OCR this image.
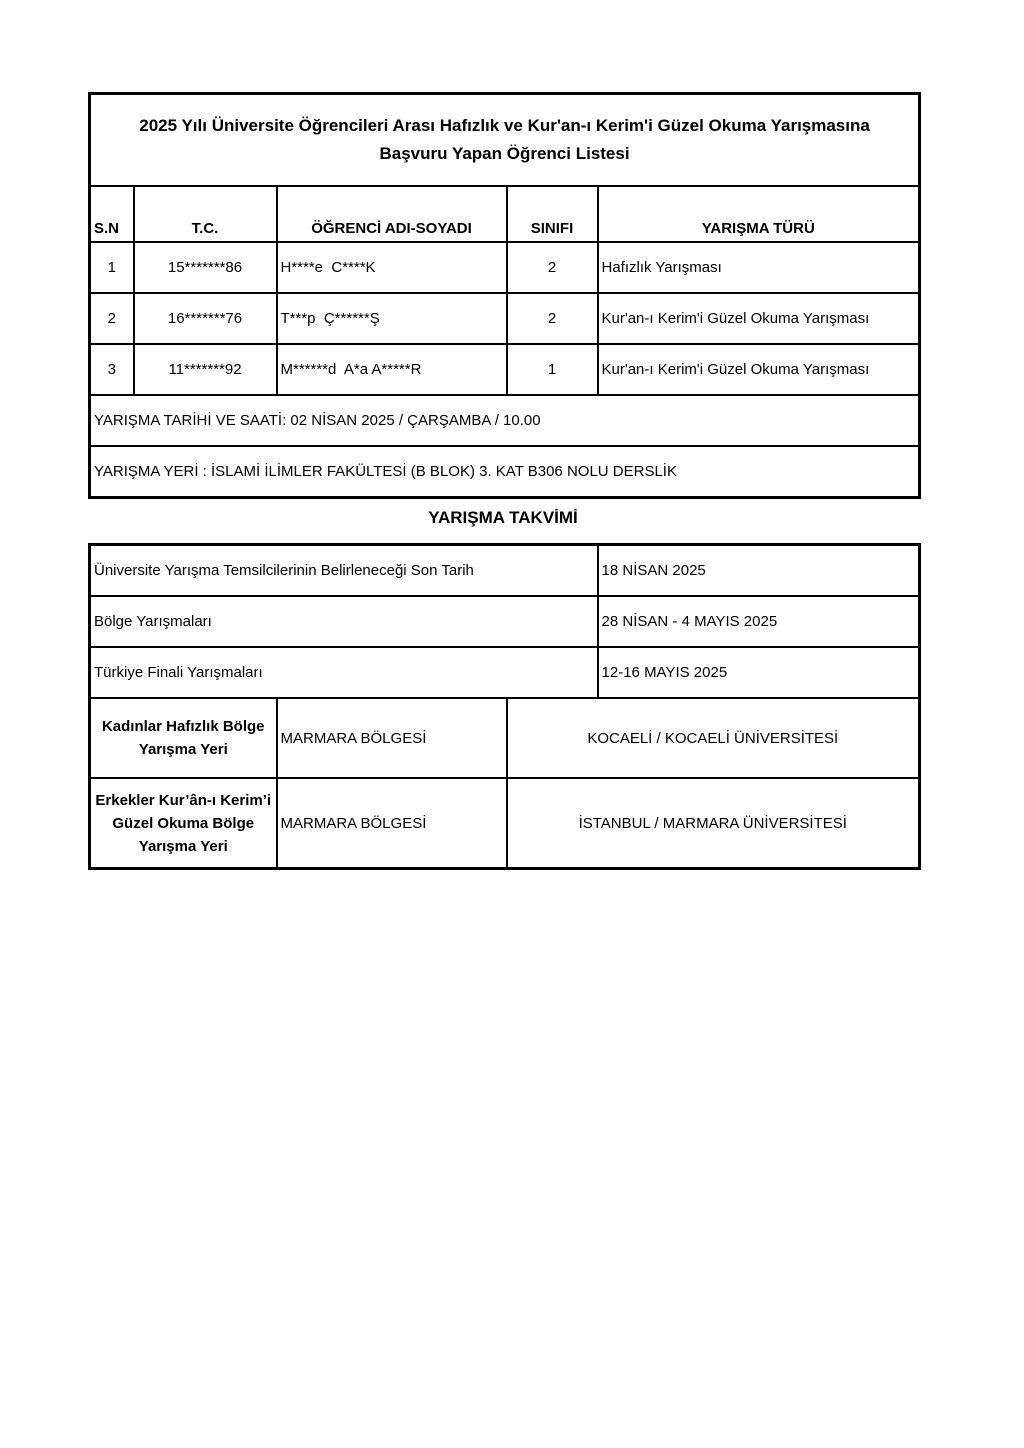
2025 Yılı Üniversite Öğrencileri Arası Hafızlık ve Kur'an-ı Kerim'i Güzel Okuma Yarışmasına
Başvuru Yapan Öğrenci Listesi				
S.N	T.C.	ÖĞRENCİ ADI-SOYADI	SINIFI	YARIŞMA TÜRÜ
1	15*******86	H****e  C****K	2	Hafızlık Yarışması
2	16*******76	T***p  Ç******Ş	2	Kur'an-ı Kerim'i Güzel Okuma Yarışması
3	11*******92	M******d  A*a A*****R	1	Kur'an-ı Kerim'i Güzel Okuma Yarışması
YARIŞMA TARİHİ VE SAATİ: 02 NİSAN 2025 / ÇARŞAMBA / 10.00				
YARIŞMA YERİ : İSLAMİ İLİMLER FAKÜLTESİ (B BLOK) 3. KAT B306 NOLU DERSLİK				
YARIŞMA TAKVİMİ
Üniversite Yarışma Temsilcilerinin Belirleneceği Son Tarih			18 NİSAN 2025
Bölge Yarışmaları			28 NİSAN - 4 MAYIS 2025
Türkiye Finali Yarışmaları			12-16 MAYIS 2025
Kadınlar Hafızlık Bölge Yarışma Yeri	MARMARA BÖLGESİ	KOCAELİ / KOCAELİ ÜNİVERSİTESİ	
Erkekler Kur’ân-ı Kerim’i Güzel Okuma Bölge Yarışma Yeri	MARMARA BÖLGESİ	İSTANBUL / MARMARA ÜNİVERSİTESİ	
